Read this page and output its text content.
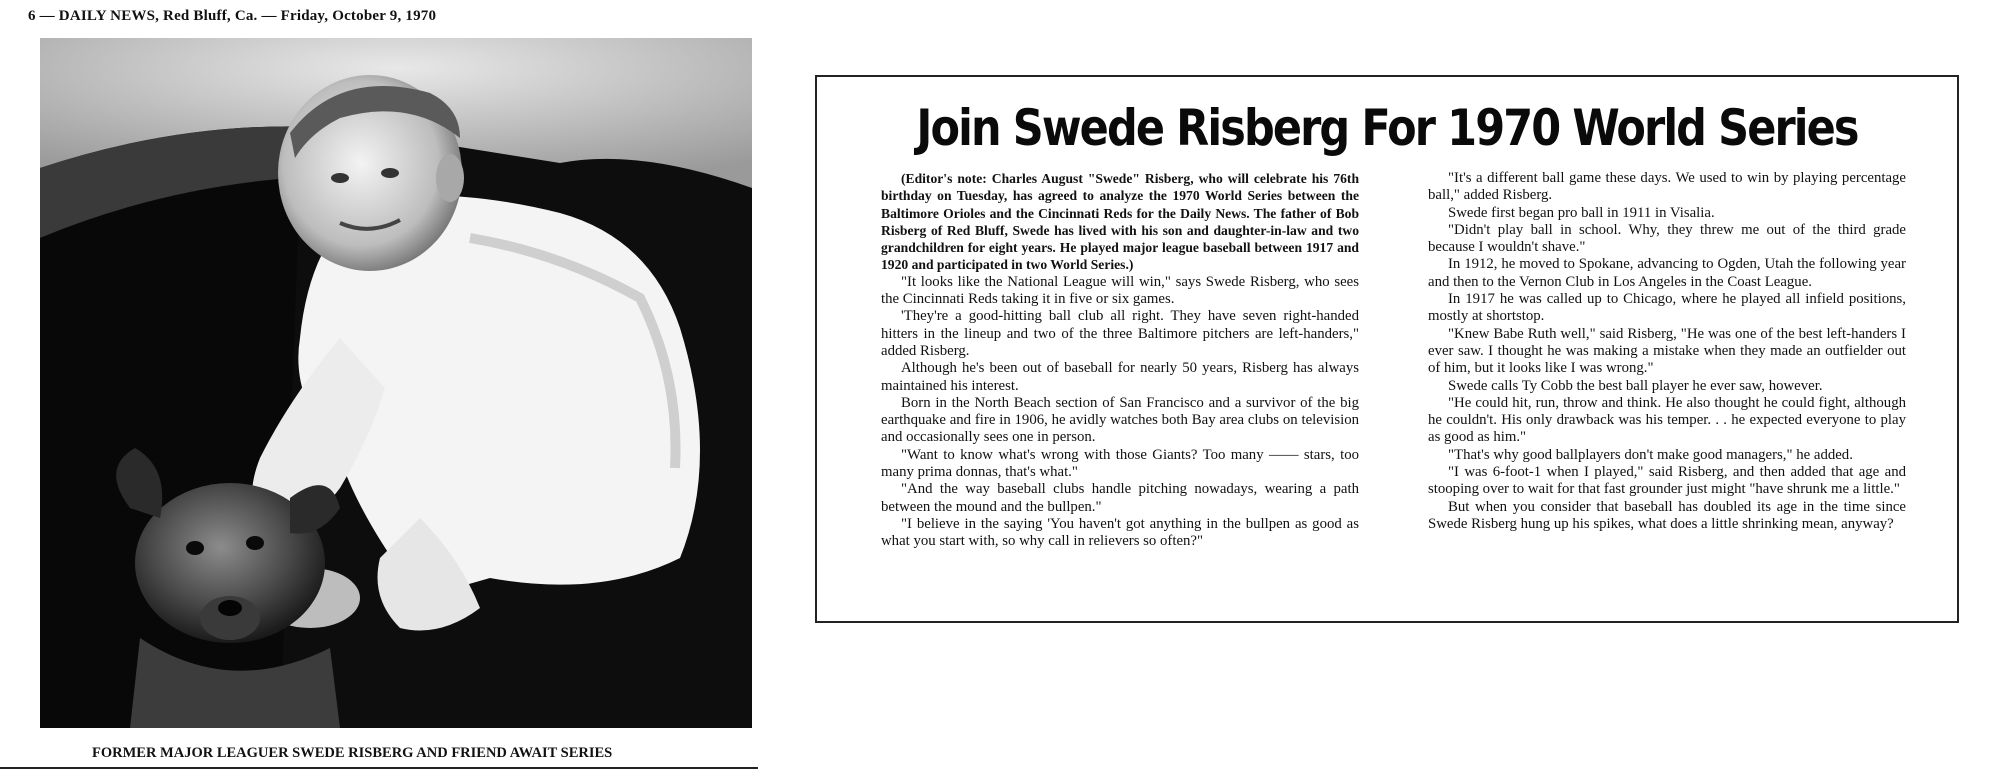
6 — DAILY NEWS, Red Bluff, Ca. — Friday, October 9, 1970
FORMER MAJOR LEAGUER SWEDE RISBERG AND FRIEND AWAIT SERIES
Join Swede Risberg For 1970 World Series

(Editor's note: Charles August "Swede" Risberg, who will celebrate his 76th birthday on Tuesday, has agreed to analyze the 1970 World Series between the Baltimore Orioles and the Cincinnati Reds for the Daily News. The father of Bob Risberg of Red Bluff, Swede has lived with his son and daughter-in-law and two grandchildren for eight years. He played major league baseball between 1917 and 1920 and participated in two World Series.)

"It looks like the National League will win," says Swede Risberg, who sees the Cincinnati Reds taking it in five or six games.

'They're a good-hitting ball club all right. They have seven right-handed hitters in the lineup and two of the three Baltimore pitchers are left-handers," added Risberg.

Although he's been out of baseball for nearly 50 years, Risberg has always maintained his interest.

Born in the North Beach section of San Francisco and a survivor of the big earthquake and fire in 1906, he avidly watches both Bay area clubs on television and occasionally sees one in person.

"Want to know what's wrong with those Giants? Too many —— stars, too many prima donnas, that's what."

"And the way baseball clubs handle pitching nowadays, wearing a path between the mound and the bullpen."

"I believe in the saying 'You haven't got anything in the bullpen as good as what you start with, so why call in relievers so often?"

"It's a different ball game these days. We used to win by playing percentage ball," added Risberg.

Swede first began pro ball in 1911 in Visalia.

"Didn't play ball in school. Why, they threw me out of the third grade because I wouldn't shave."

In 1912, he moved to Spokane, advancing to Ogden, Utah the following year and then to the Vernon Club in Los Angeles in the Coast League.

In 1917 he was called up to Chicago, where he played all infield positions, mostly at shortstop.

"Knew Babe Ruth well," said Risberg, "He was one of the best left-handers I ever saw. I thought he was making a mistake when they made an outfielder out of him, but it looks like I was wrong."

Swede calls Ty Cobb the best ball player he ever saw, however.

"He could hit, run, throw and think. He also thought he could fight, although he couldn't. His only drawback was his temper. . . he expected everyone to play as good as him."

"That's why good ballplayers don't make good managers," he added.

"I was 6-foot-1 when I played," said Risberg, and then added that age and stooping over to wait for that fast grounder just might "have shrunk me a little."

But when you consider that baseball has doubled its age in the time since Swede Risberg hung up his spikes, what does a little shrinking mean, anyway?
